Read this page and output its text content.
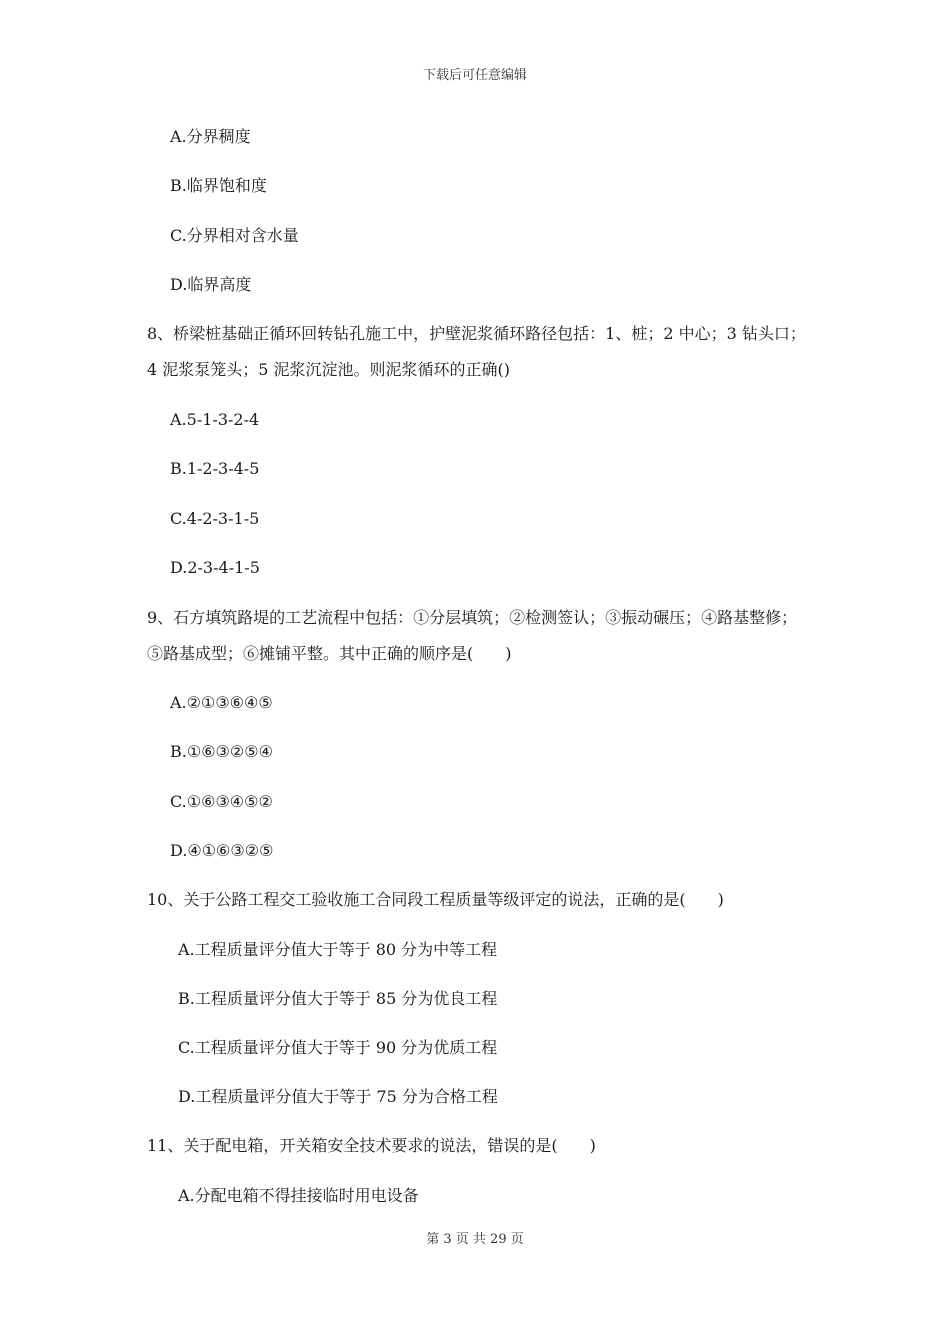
下载后可任意编辑
A.分界稠度
B.临界饱和度
C.分界相对含水量
D.临界高度
8、桥梁桩基础正循环回转钻孔施工中，护壁泥浆循环路径包括：1、桩；2 中心；3 钻头口；
4 泥浆泵笼头；5 泥浆沉淀池。则泥浆循环的正确()
A.5-1-3-2-4
B.1-2-3-4-5
C.4-2-3-1-5
D.2-3-4-1-5
9、石方填筑路堤的工艺流程中包括：①分层填筑；②检测签认；③振动碾压；④路基整修；
⑤路基成型；⑥摊铺平整。其中正确的顺序是(　　)
A.②①③⑥④⑤
B.①⑥③②⑤④
C.①⑥③④⑤②
D.④①⑥③②⑤
10、关于公路工程交工验收施工合同段工程质量等级评定的说法，正确的是(　　)
A.工程质量评分值大于等于 80 分为中等工程
B.工程质量评分值大于等于 85 分为优良工程
C.工程质量评分值大于等于 90 分为优质工程
D.工程质量评分值大于等于 75 分为合格工程
11、关于配电箱，开关箱安全技术要求的说法，错误的是(　　)
A.分配电箱不得挂接临时用电设备
第 3 页 共 29 页
